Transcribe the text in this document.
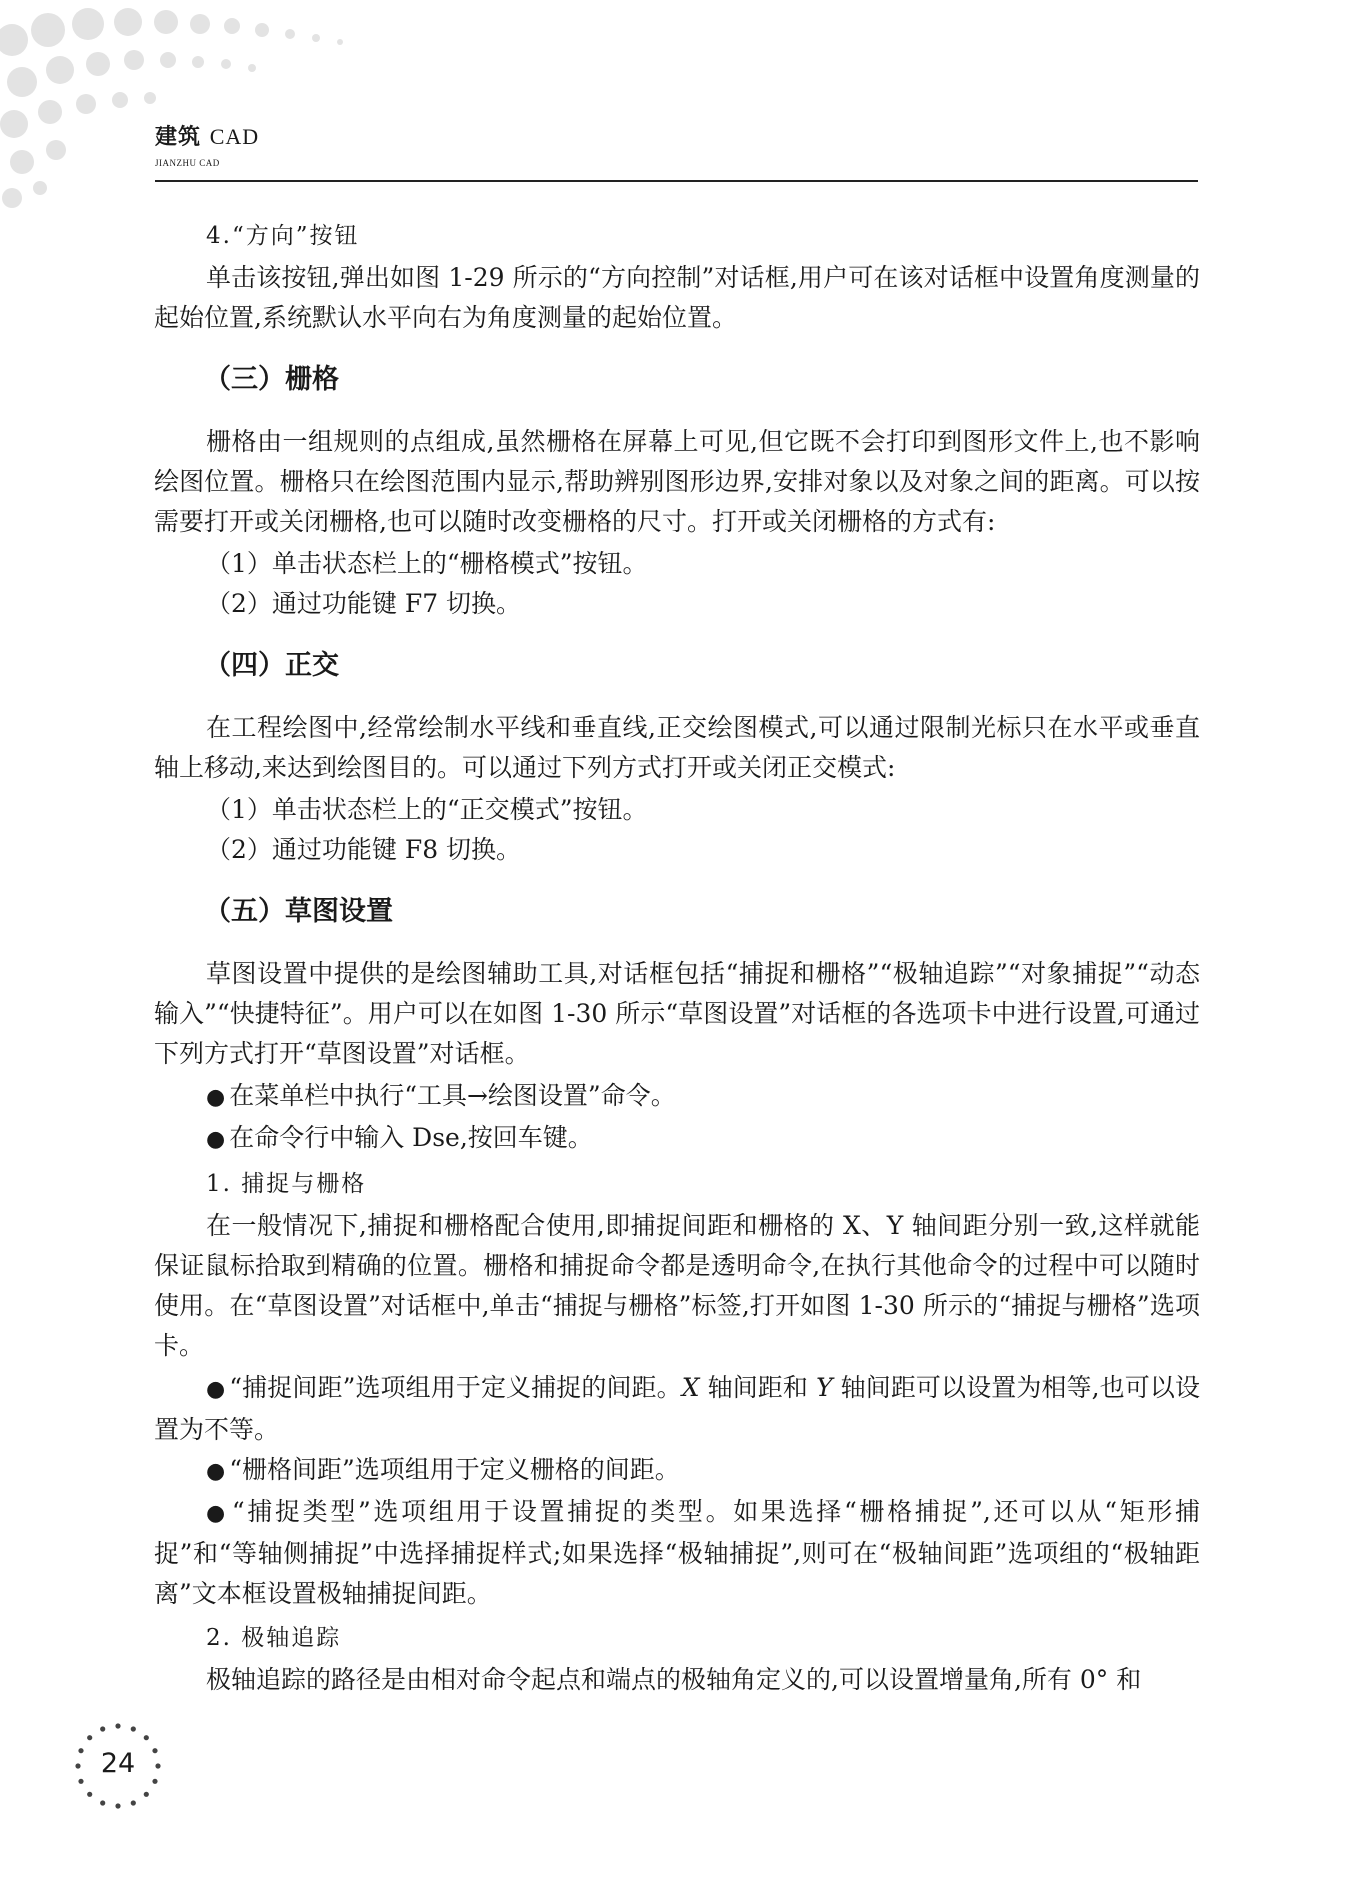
建筑 CAD
JIANZHU CAD
4.“方向”按钮

单击该按钮,弹出如图 1-29 所示的“方向控制”对话框,用户可在该对话框中设置角度测量的起始位置,系统默认水平向右为角度测量的起始位置。

（三）栅格

栅格由一组规则的点组成,虽然栅格在屏幕上可见,但它既不会打印到图形文件上,也不影响绘图位置。栅格只在绘图范围内显示,帮助辨别图形边界,安排对象以及对象之间的距离。可以按需要打开或关闭栅格,也可以随时改变栅格的尺寸。打开或关闭栅格的方式有:

（1）单击状态栏上的“栅格模式”按钮。

（2）通过功能键 F7 切换。

（四）正交

在工程绘图中,经常绘制水平线和垂直线,正交绘图模式,可以通过限制光标只在水平或垂直轴上移动,来达到绘图目的。可以通过下列方式打开或关闭正交模式:

（1）单击状态栏上的“正交模式”按钮。

（2）通过功能键 F8 切换。

（五）草图设置

草图设置中提供的是绘图辅助工具,对话框包括“捕捉和栅格”“极轴追踪”“对象捕捉”“动态输入”“快捷特征”。用户可以在如图 1-30 所示“草图设置”对话框的各选项卡中进行设置,可通过下列方式打开“草图设置”对话框。

● 在菜单栏中执行“工具→绘图设置”命令。

● 在命令行中输入 Dse,按回车键。

1. 捕捉与栅格

在一般情况下,捕捉和栅格配合使用,即捕捉间距和栅格的 X、Y 轴间距分别一致,这样就能保证鼠标拾取到精确的位置。栅格和捕捉命令都是透明命令,在执行其他命令的过程中可以随时使用。在“草图设置”对话框中,单击“捕捉与栅格”标签,打开如图 1-30 所示的“捕捉与栅格”选项卡。

● “捕捉间距”选项组用于定义捕捉的间距。X 轴间距和 Y 轴间距可以设置为相等,也可以设置为不等。

● “栅格间距”选项组用于定义栅格的间距。

● “捕捉类型”选项组用于设置捕捉的类型。如果选择“栅格捕捉”,还可以从“矩形捕捉”和“等轴侧捕捉”中选择捕捉样式;如果选择“极轴捕捉”,则可在“极轴间距”选项组的“极轴距离”文本框设置极轴捕捉间距。

2. 极轴追踪

极轴追踪的路径是由相对命令起点和端点的极轴角定义的,可以设置增量角,所有 0° 和

24
